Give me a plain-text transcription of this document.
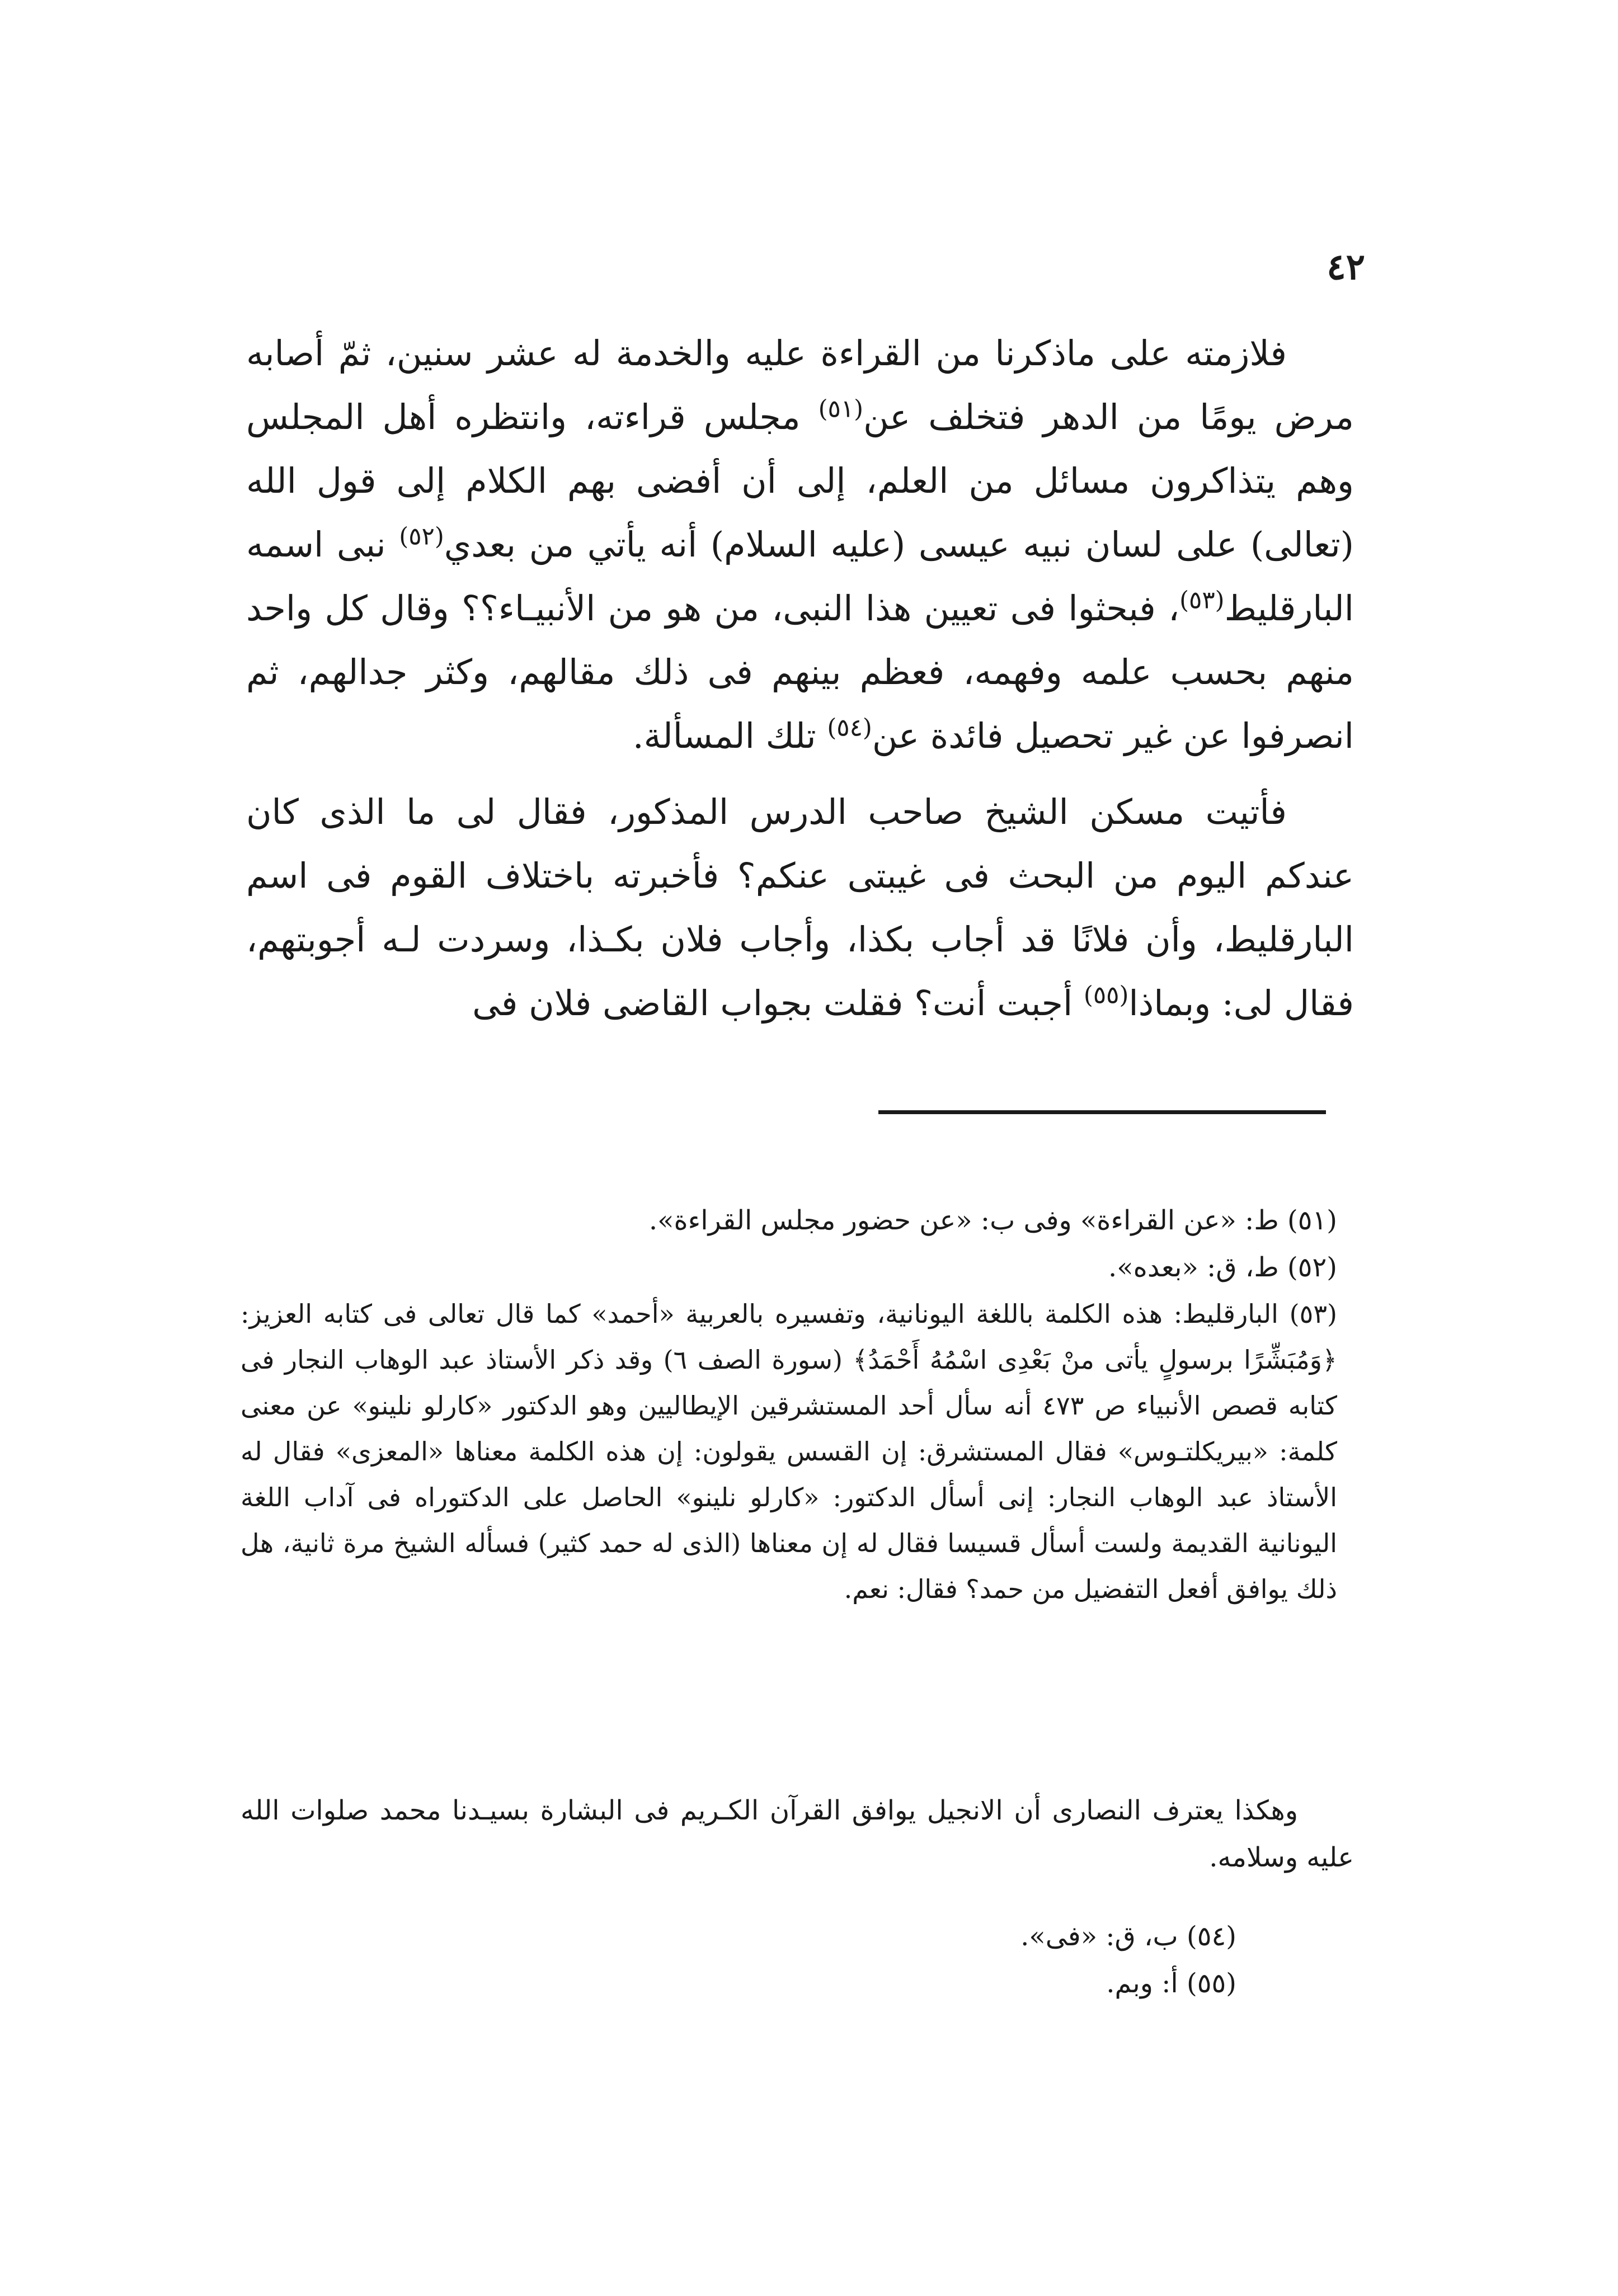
٤٢

فلازمته على ماذكرنا من القراءة عليه والخدمة له عشر سنين، ثمّ أصابه مرض يومًا من الدهر فتخلف عن$^{(٥١)}$ مجلس قراءته، وانتظره أهل المجلس وهم يتذاكرون مسائل من العلم، إلى أن أفضى بهم الكلام إلى قول الله (تعالى) على لسان نبيه عيسى (عليه السلام) أنه يأتي من بعدي$^{(٥٢)}$ نبى اسمه البارقليط$^{(٥٣)}$، فبحثوا فى تعيين هذا النبى، من هو من الأنبيـاء؟؟ وقال كل واحد منهم بحسب علمه وفهمه، فعظم بينهم فى ذلك مقالهم، وكثر جدالهم، ثم انصرفوا عن غير تحصيل فائدة عن$^{(٥٤)}$ تلك المسألة.

فأتيت مسكن الشيخ صاحب الدرس المذكور، فقال لى ما الذى كان عندكم اليوم من البحث فى غيبتى عنكم؟ فأخبرته باختلاف القوم فى اسم البارقليط، وأن فلانًا قد أجاب بكذا، وأجاب فلان بكـذا، وسردت لـه أجوبتهم، فقال لى: وبماذا$^{(٥٥)}$ أجبت أنت؟ فقلت بجواب القاضى فلان فى

(٥١) ط: «عن القراءة» وفى ب: «عن حضور مجلس القراءة».

(٥٢) ط، ق: «بعده».

(٥٣) البارقليط: هذه الكلمة باللغة اليونانية، وتفسيره بالعربية «أحمد» كما قال تعالى فى كتابه العزيز: ﴿وَمُبَشِّرًا برسولٍ يأتى منْ بَعْدِى اسْمُهُ أَحْمَدُ﴾ (سورة الصف ٦) وقد ذكر الأستاذ عبد الوهاب النجار فى كتابه قصص الأنبياء ص ٤٧٣ أنه سأل أحد المستشرقين الإيطاليين وهو الدكتور «كارلو نلينو» عن معنى كلمة: «بيريكلتـوس» فقال المستشرق: إن القسس يقولون: إن هذه الكلمة معناها «المعزى» فقال له الأستاذ عبد الوهاب النجار: إنى أسأل الدكتور: «كارلو نلينو» الحاصل على الدكتوراه فى آداب اللغة اليونانية القديمة ولست أسأل قسيسا فقال له إن معناها (الذى له حمد كثير) فسأله الشيخ مرة ثانية، هل ذلك يوافق أفعل التفضيل من حمد؟ فقال: نعم.

وهكذا يعترف النصارى أن الانجيل يوافق القرآن الكـريم فى البشارة بسيـدنا محمد صلوات الله عليه وسلامه.

(٥٤) ب، ق: «فى».

(٥٥) أ: وبم.
